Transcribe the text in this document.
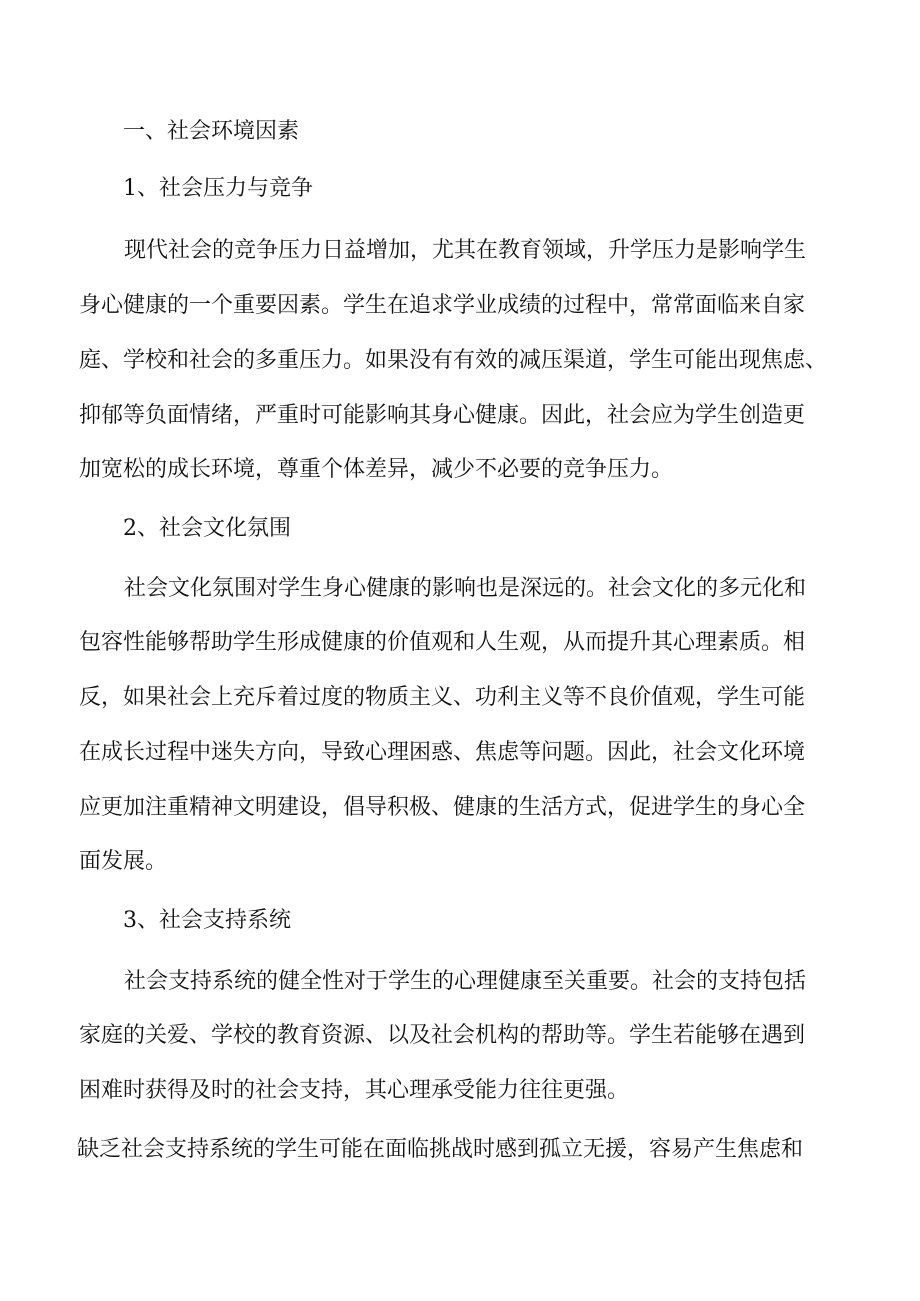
一、社会环境因素
1、社会压力与竞争
现代社会的竞争压力日益增加，尤其在教育领域，升学压力是影响学生
身心健康的一个重要因素。学生在追求学业成绩的过程中，常常面临来自家
庭、学校和社会的多重压力。如果没有有效的减压渠道，学生可能出现焦虑、
抑郁等负面情绪，严重时可能影响其身心健康。因此，社会应为学生创造更
加宽松的成长环境，尊重个体差异，减少不必要的竞争压力。
2、社会文化氛围
社会文化氛围对学生身心健康的影响也是深远的。社会文化的多元化和
包容性能够帮助学生形成健康的价值观和人生观，从而提升其心理素质。相
反，如果社会上充斥着过度的物质主义、功利主义等不良价值观，学生可能
在成长过程中迷失方向，导致心理困惑、焦虑等问题。因此，社会文化环境
应更加注重精神文明建设，倡导积极、健康的生活方式，促进学生的身心全
面发展。
3、社会支持系统
社会支持系统的健全性对于学生的心理健康至关重要。社会的支持包括
家庭的关爱、学校的教育资源、以及社会机构的帮助等。学生若能够在遇到
困难时获得及时的社会支持，其心理承受能力往往更强。
缺乏社会支持系统的学生可能在面临挑战时感到孤立无援，容易产生焦虑和
